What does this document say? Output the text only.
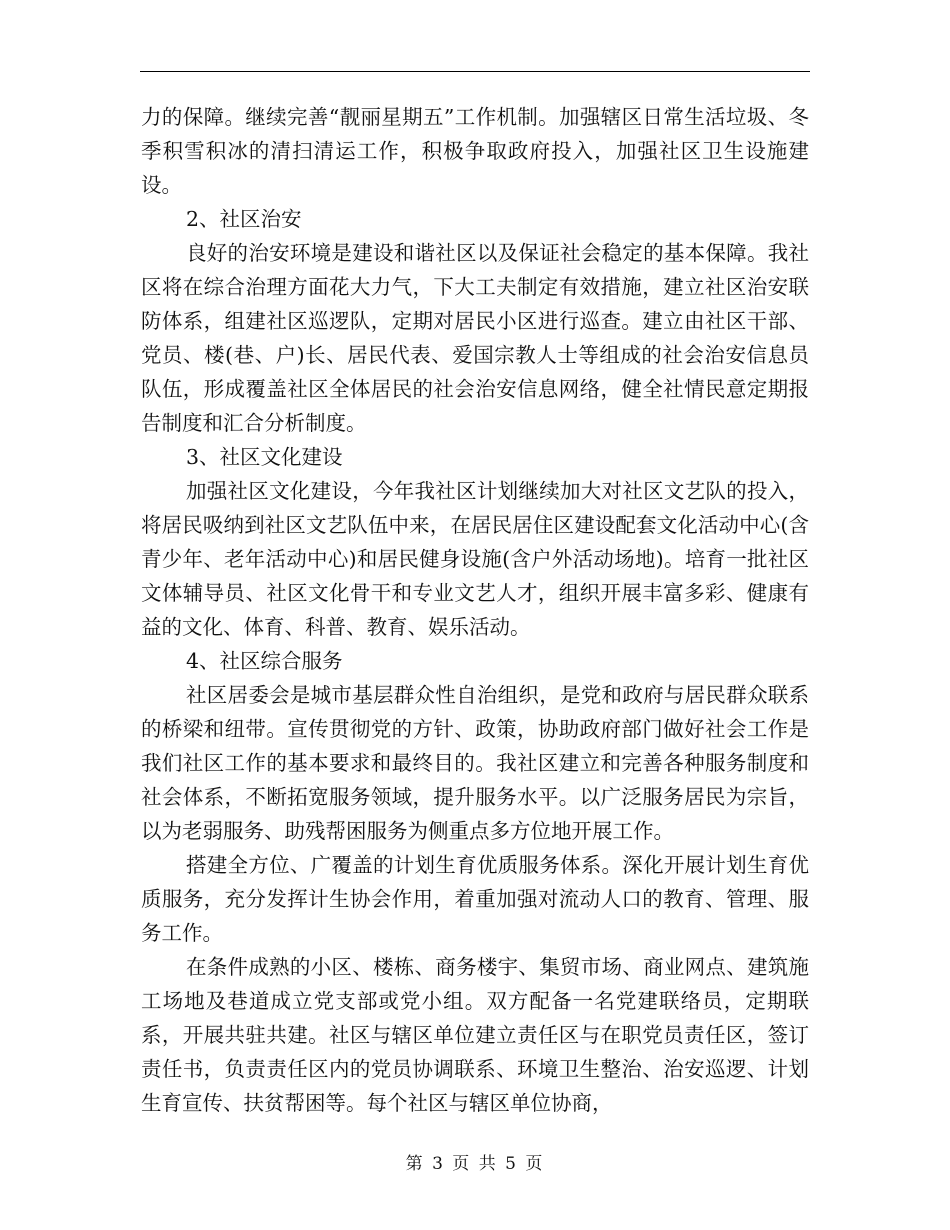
力的保障。继续完善“靓丽星期五”工作机制。加强辖区日常生活垃圾、冬季积雪积冰的清扫清运工作，积极争取政府投入，加强社区卫生设施建设。

2、社区治安

良好的治安环境是建设和谐社区以及保证社会稳定的基本保障。我社区将在综合治理方面花大力气，下大工夫制定有效措施，建立社区治安联防体系，组建社区巡逻队，定期对居民小区进行巡查。建立由社区干部、党员、楼(巷、户)长、居民代表、爱国宗教人士等组成的社会治安信息员队伍，形成覆盖社区全体居民的社会治安信息网络，健全社情民意定期报告制度和汇合分析制度。

3、社区文化建设

加强社区文化建设，今年我社区计划继续加大对社区文艺队的投入，将居民吸纳到社区文艺队伍中来，在居民居住区建设配套文化活动中心(含青少年、老年活动中心)和居民健身设施(含户外活动场地)。培育一批社区文体辅导员、社区文化骨干和专业文艺人才，组织开展丰富多彩、健康有益的文化、体育、科普、教育、娱乐活动。

4、社区综合服务

社区居委会是城市基层群众性自治组织，是党和政府与居民群众联系的桥梁和纽带。宣传贯彻党的方针、政策，协助政府部门做好社会工作是我们社区工作的基本要求和最终目的。我社区建立和完善各种服务制度和社会体系，不断拓宽服务领域，提升服务水平。以广泛服务居民为宗旨，以为老弱服务、助残帮困服务为侧重点多方位地开展工作。

搭建全方位、广覆盖的计划生育优质服务体系。深化开展计划生育优质服务，充分发挥计生协会作用，着重加强对流动人口的教育、管理、服务工作。

在条件成熟的小区、楼栋、商务楼宇、集贸市场、商业网点、建筑施工场地及巷道成立党支部或党小组。双方配备一名党建联络员，定期联系，开展共驻共建。社区与辖区单位建立责任区与在职党员责任区，签订责任书，负责责任区内的党员协调联系、环境卫生整治、治安巡逻、计划生育宣传、扶贫帮困等。每个社区与辖区单位协商，

第 3 页 共 5 页
